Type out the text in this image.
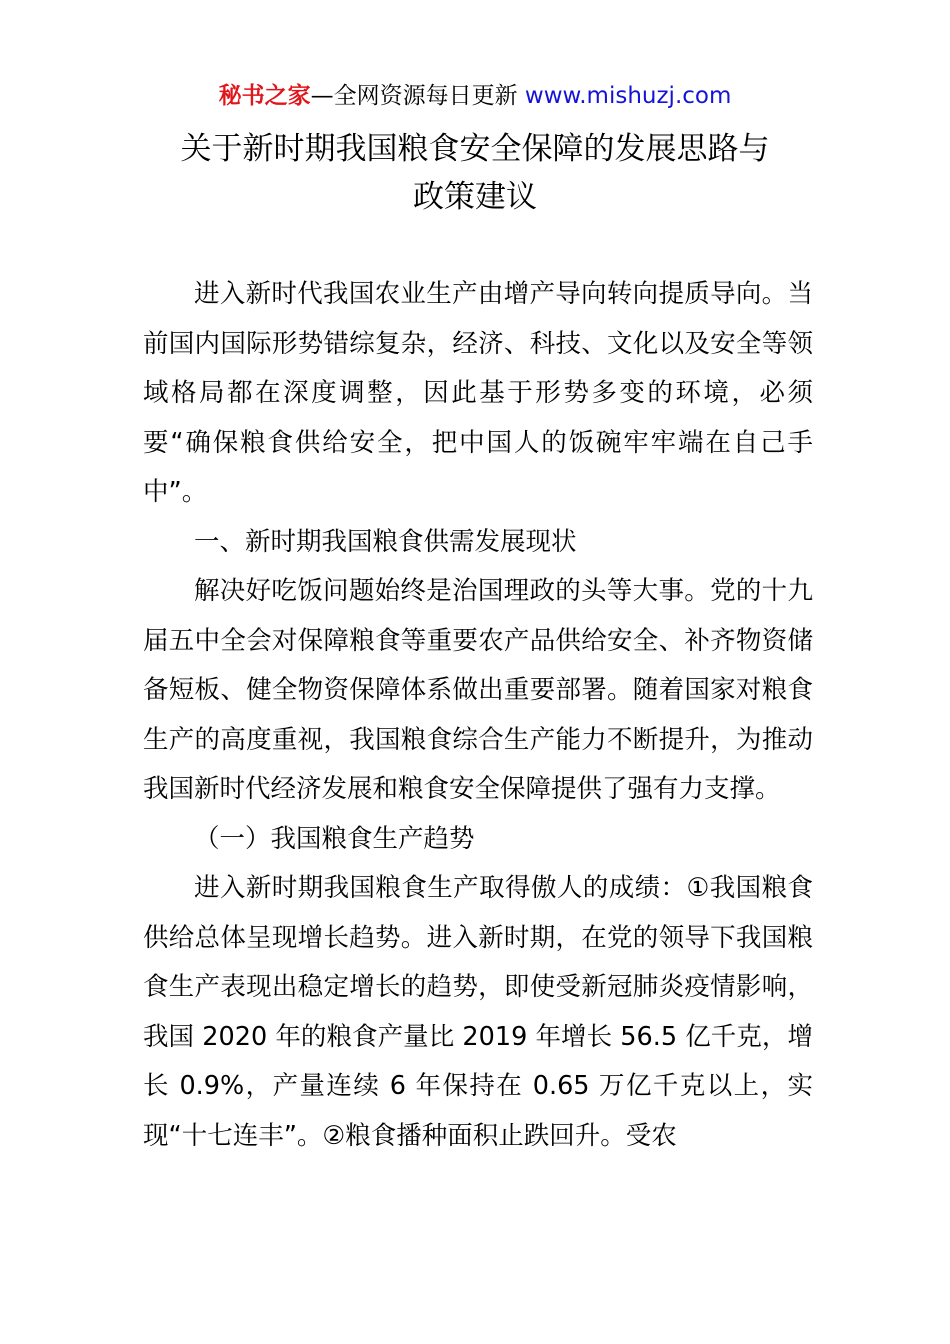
秘书之家—全网资源每日更新 www.mishuzj.com
关于新时期我国粮食安全保障的发展思路与
政策建议

进入新时代我国农业生产由增产导向转向提质导向。当前国内国际形势错综复杂，经济、科技、文化以及安全等领域格局都在深度调整，因此基于形势多变的环境，必须要“确保粮食供给安全，把中国人的饭碗牢牢端在自己手中”。

一、新时期我国粮食供需发展现状

解决好吃饭问题始终是治国理政的头等大事。党的十九届五中全会对保障粮食等重要农产品供给安全、补齐物资储备短板、健全物资保障体系做出重要部署。随着国家对粮食生产的高度重视，我国粮食综合生产能力不断提升，为推动我国新时代经济发展和粮食安全保障提供了强有力支撑。

（一）我国粮食生产趋势

进入新时期我国粮食生产取得傲人的成绩：①我国粮食供给总体呈现增长趋势。进入新时期，在党的领导下我国粮食生产表现出稳定增长的趋势，即使受新冠肺炎疫情影响，我国 2020 年的粮食产量比 2019 年增长 56.5 亿千克，增长 0.9%，产量连续 6 年保持在 0.65 万亿千克以上，实现“十七连丰”。②粮食播种面积止跌回升。受农
